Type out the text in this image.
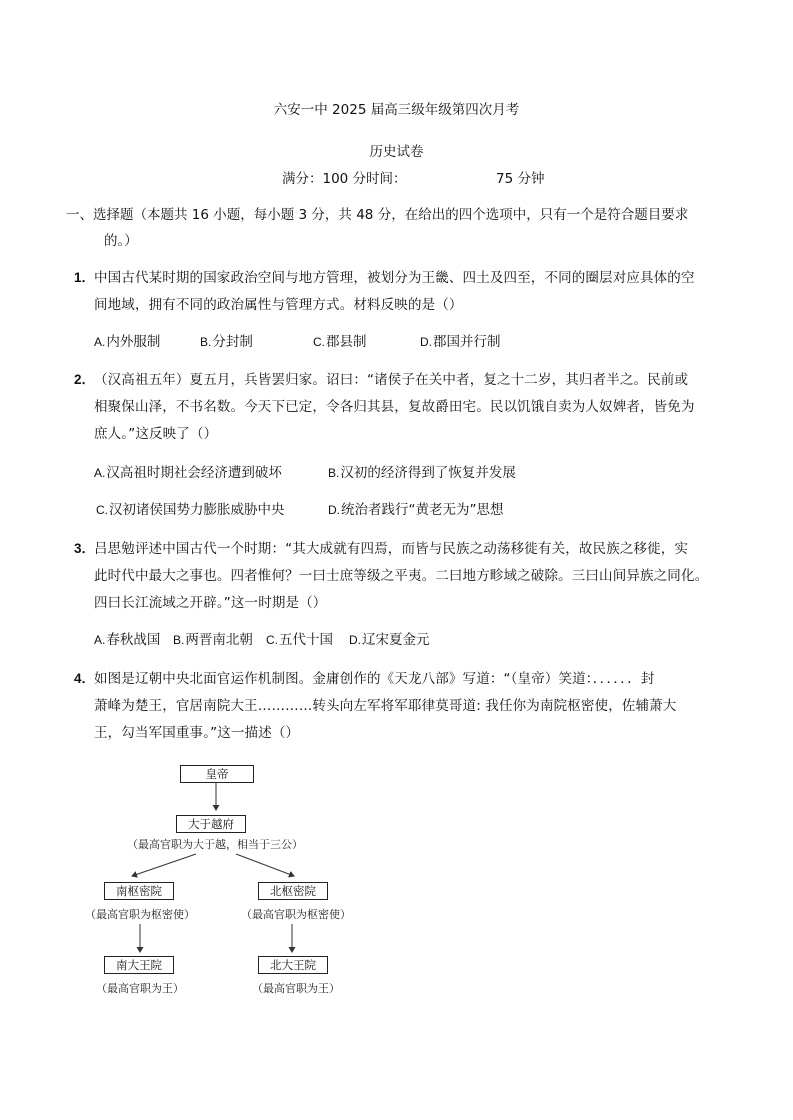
六安一中 2025 届高三级年级第四次月考
历史试卷
满分：100 分时间：	75 分钟
一、选择题（本题共 16 小题，每小题 3 分，共 48 分，在给出的四个选项中，只有一个是符合题目要求
的。）
1．
中国古代某时期的国家政治空间与地方管理，被划分为王畿、四土及四至，不同的圈层对应具体的空
间地域，拥有不同的政治属性与管理方式。材料反映的是（）
A.内外服制	B.分封制	C.郡县制	D.郡国并行制
2．
（汉高祖五年）夏五月，兵皆罢归家。诏曰：“诸侯子在关中者，复之十二岁，其归者半之。民前或
相聚保山泽，不书名数。今天下已定，令各归其县，复故爵田宅。民以饥饿自卖为人奴婢者，皆免为
庶人。”这反映了（）
A.汉高祖时期社会经济遭到破坏	B.汉初的经济得到了恢复并发展
C.汉初诸侯国势力膨胀威胁中央	D.统治者践行“黄老无为”思想
3．
吕思勉评述中国古代一个时期：“其大成就有四焉，而皆与民族之动荡移徙有关，故民族之移徙，实
此时代中最大之事也。四者惟何？一曰士庶等级之平夷。二曰地方畛域之破除。三曰山间异族之同化。
四曰长江流域之开辟。”这一时期是（）
A.春秋战国 B.两晋南北朝 C.五代十国 D.辽宋夏金元
4．
如图是辽朝中央北面官运作机制图。金庸创作的《天龙八部》写道：“（皇帝）笑道：．．．．．．封
萧峰为楚王，官居南院大王…………转头向左军将军耶律莫哥道: 我任你为南院枢密使，佐辅萧大
王，勾当军国重事。”这一描述（）
皇帝
大于越府
（最高官职为大于越，相当于三公）
南枢密院
（最高官职为枢密使）
北枢密院
（最高官职为枢密使）
南大王院
（最高官职为王）
北大王院
（最高官职为王）
